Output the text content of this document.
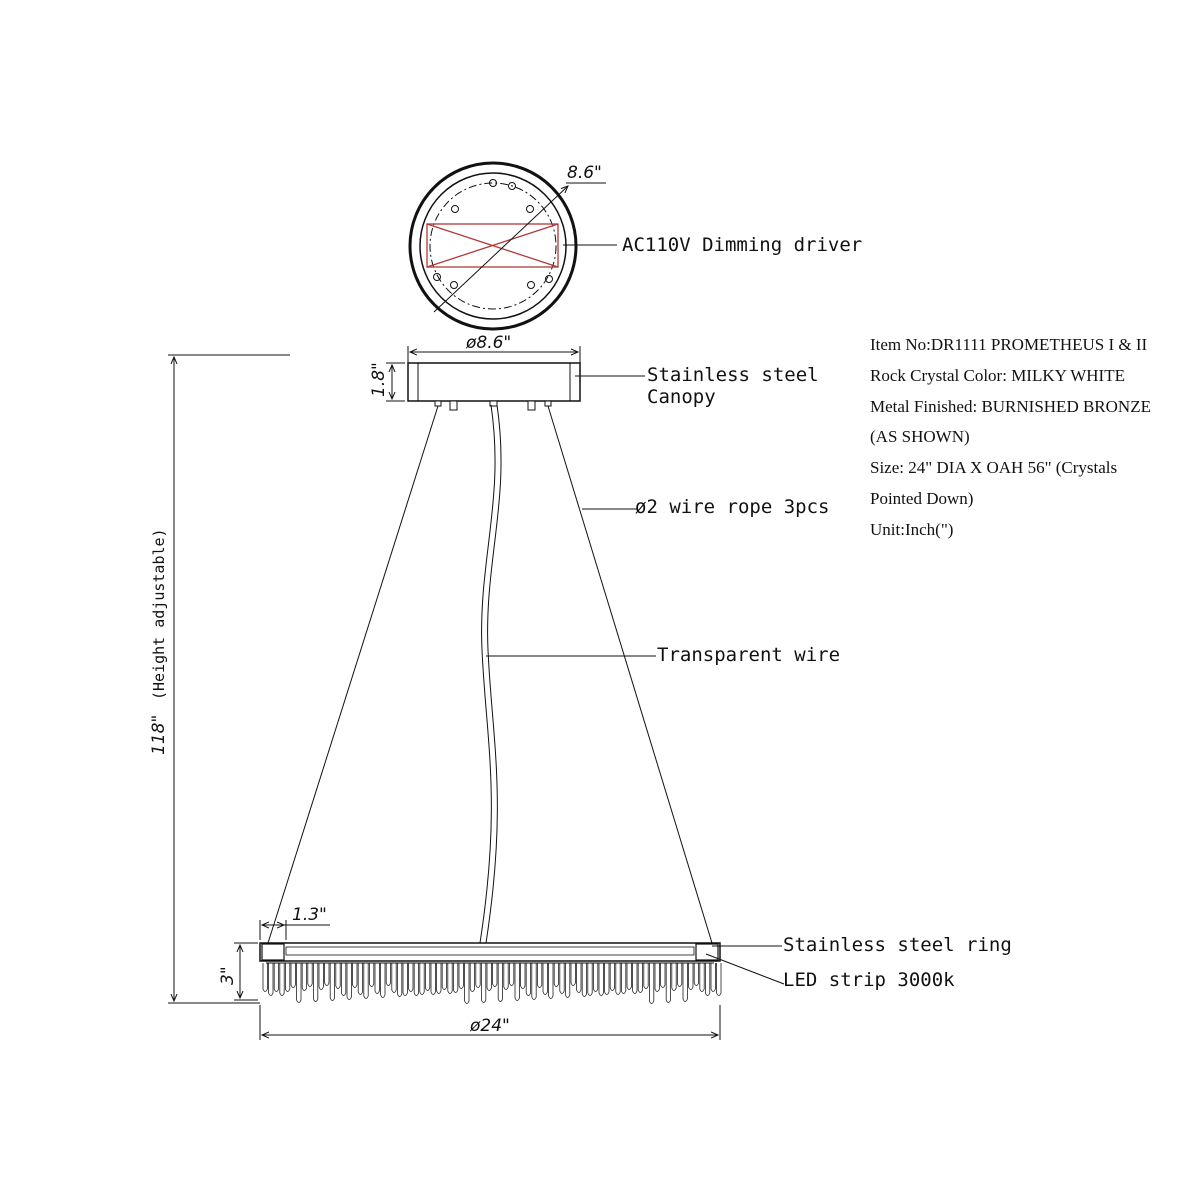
8.6"
AC110V Dimming driver
ø8.6"
1.8"	Stainless steel
Canopy
ø2 wire rope 3pcs
Transparent wire
118"
(Height adjustable)
1.3"
3"
ø24"
Stainless steel ring
LED strip 3000k
Item No:DR1111 PROMETHEUS I & II
Rock Crystal Color: MILKY WHITE
Metal Finished: BURNISHED BRONZE
(AS SHOWN)
Size: 24" DIA X OAH 56" (Crystals
Pointed Down)
Unit:Inch(")
